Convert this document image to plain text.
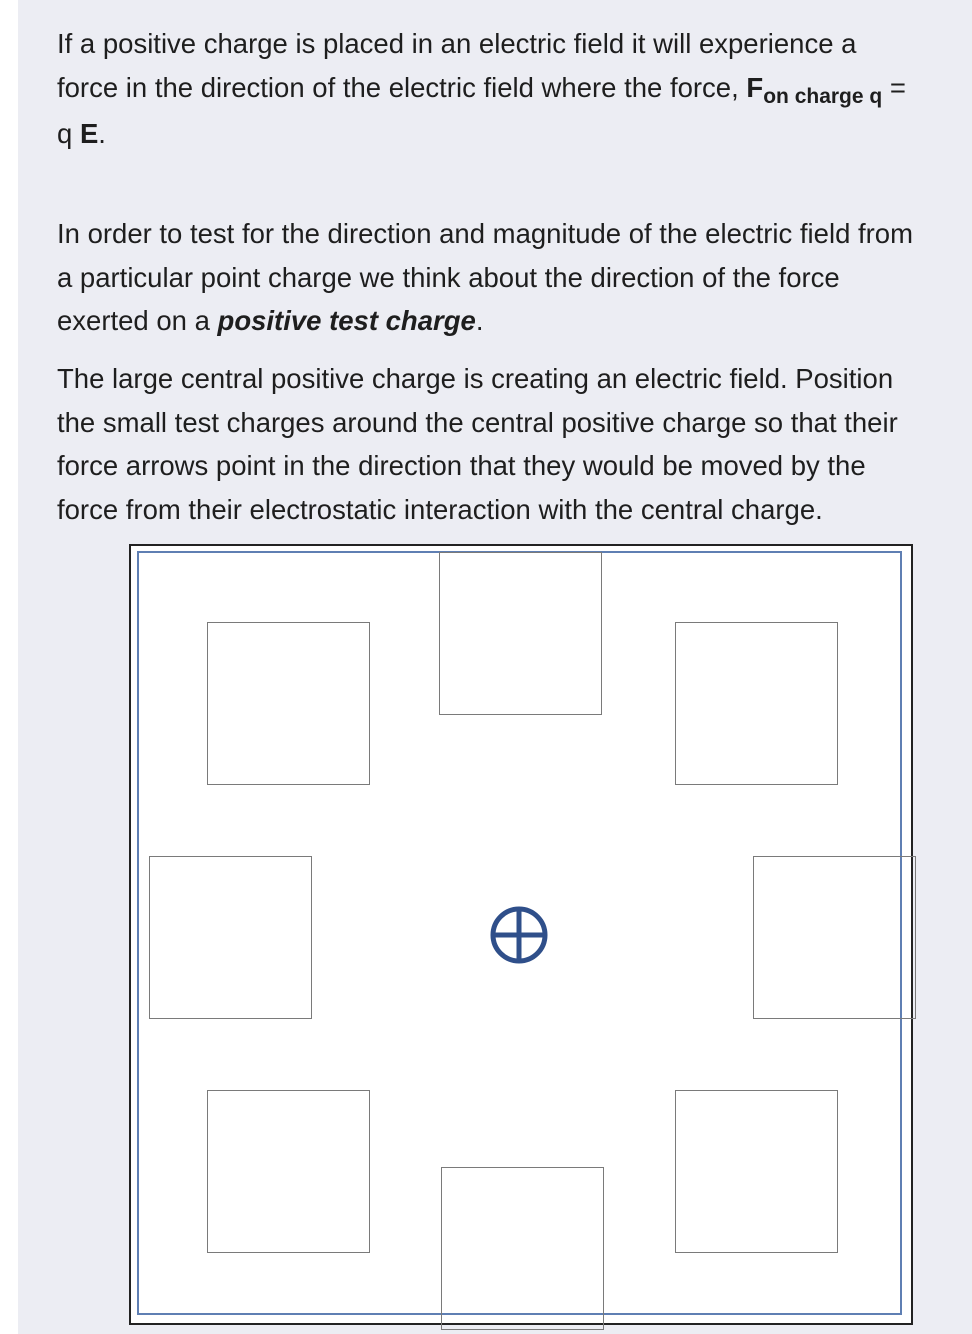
If a positive charge is placed in an electric field it will experience a
force in the direction of the electric field where the force, $F_{on charge q}$ =
q E.

In order to test for the direction and magnitude of the electric field from
a particular point charge we think about the direction of the force
exerted on a positive test charge.

The large central positive charge is creating an electric field. Position
the small test charges around the central positive charge so that their
force arrows point in the direction that they would be moved by the
force from their electrostatic interaction with the central charge.
